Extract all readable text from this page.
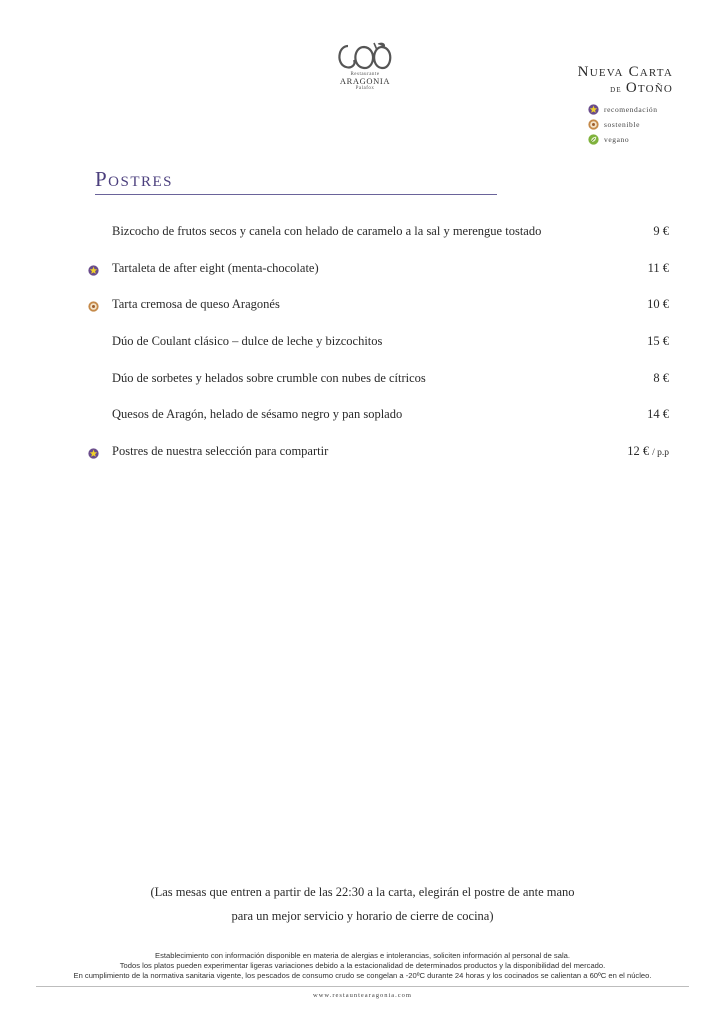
Restaurante
ARAGONIA
Palafox
Nueva Carta
de Otoño
recomendación
sostenible
vegano
Postres
Bizcocho de frutos secos y canela con helado de caramelo a la sal y merengue tostado	9 €
Tartaleta de after eight (menta-chocolate)	11 €
Tarta cremosa de queso Aragonés	10 €
Dúo de Coulant clásico – dulce de leche y bizcochitos	15 €
Dúo de sorbetes y helados sobre crumble con nubes de cítricos	8 €
Quesos de Aragón, helado de sésamo negro y pan soplado	14 €
Postres de nuestra selección para compartir	12 € / p.p
(Las mesas que entren a partir de las 22:30 a la carta, elegirán el postre de ante mano
para un mejor servicio y horario de cierre de cocina)
Establecimiento con información disponible en materia de alergias e intolerancias, soliciten información al personal de sala.
Todos los platos pueden experimentar ligeras variaciones debido a la estacionalidad de determinados productos y la disponibilidad del mercado.
En cumplimiento de la normativa sanitaria vigente, los pescados de consumo crudo se congelan a -20ºC durante 24 horas y los cocinados se calientan a 60ºC en el núcleo.
www.restauntearagonia.com
